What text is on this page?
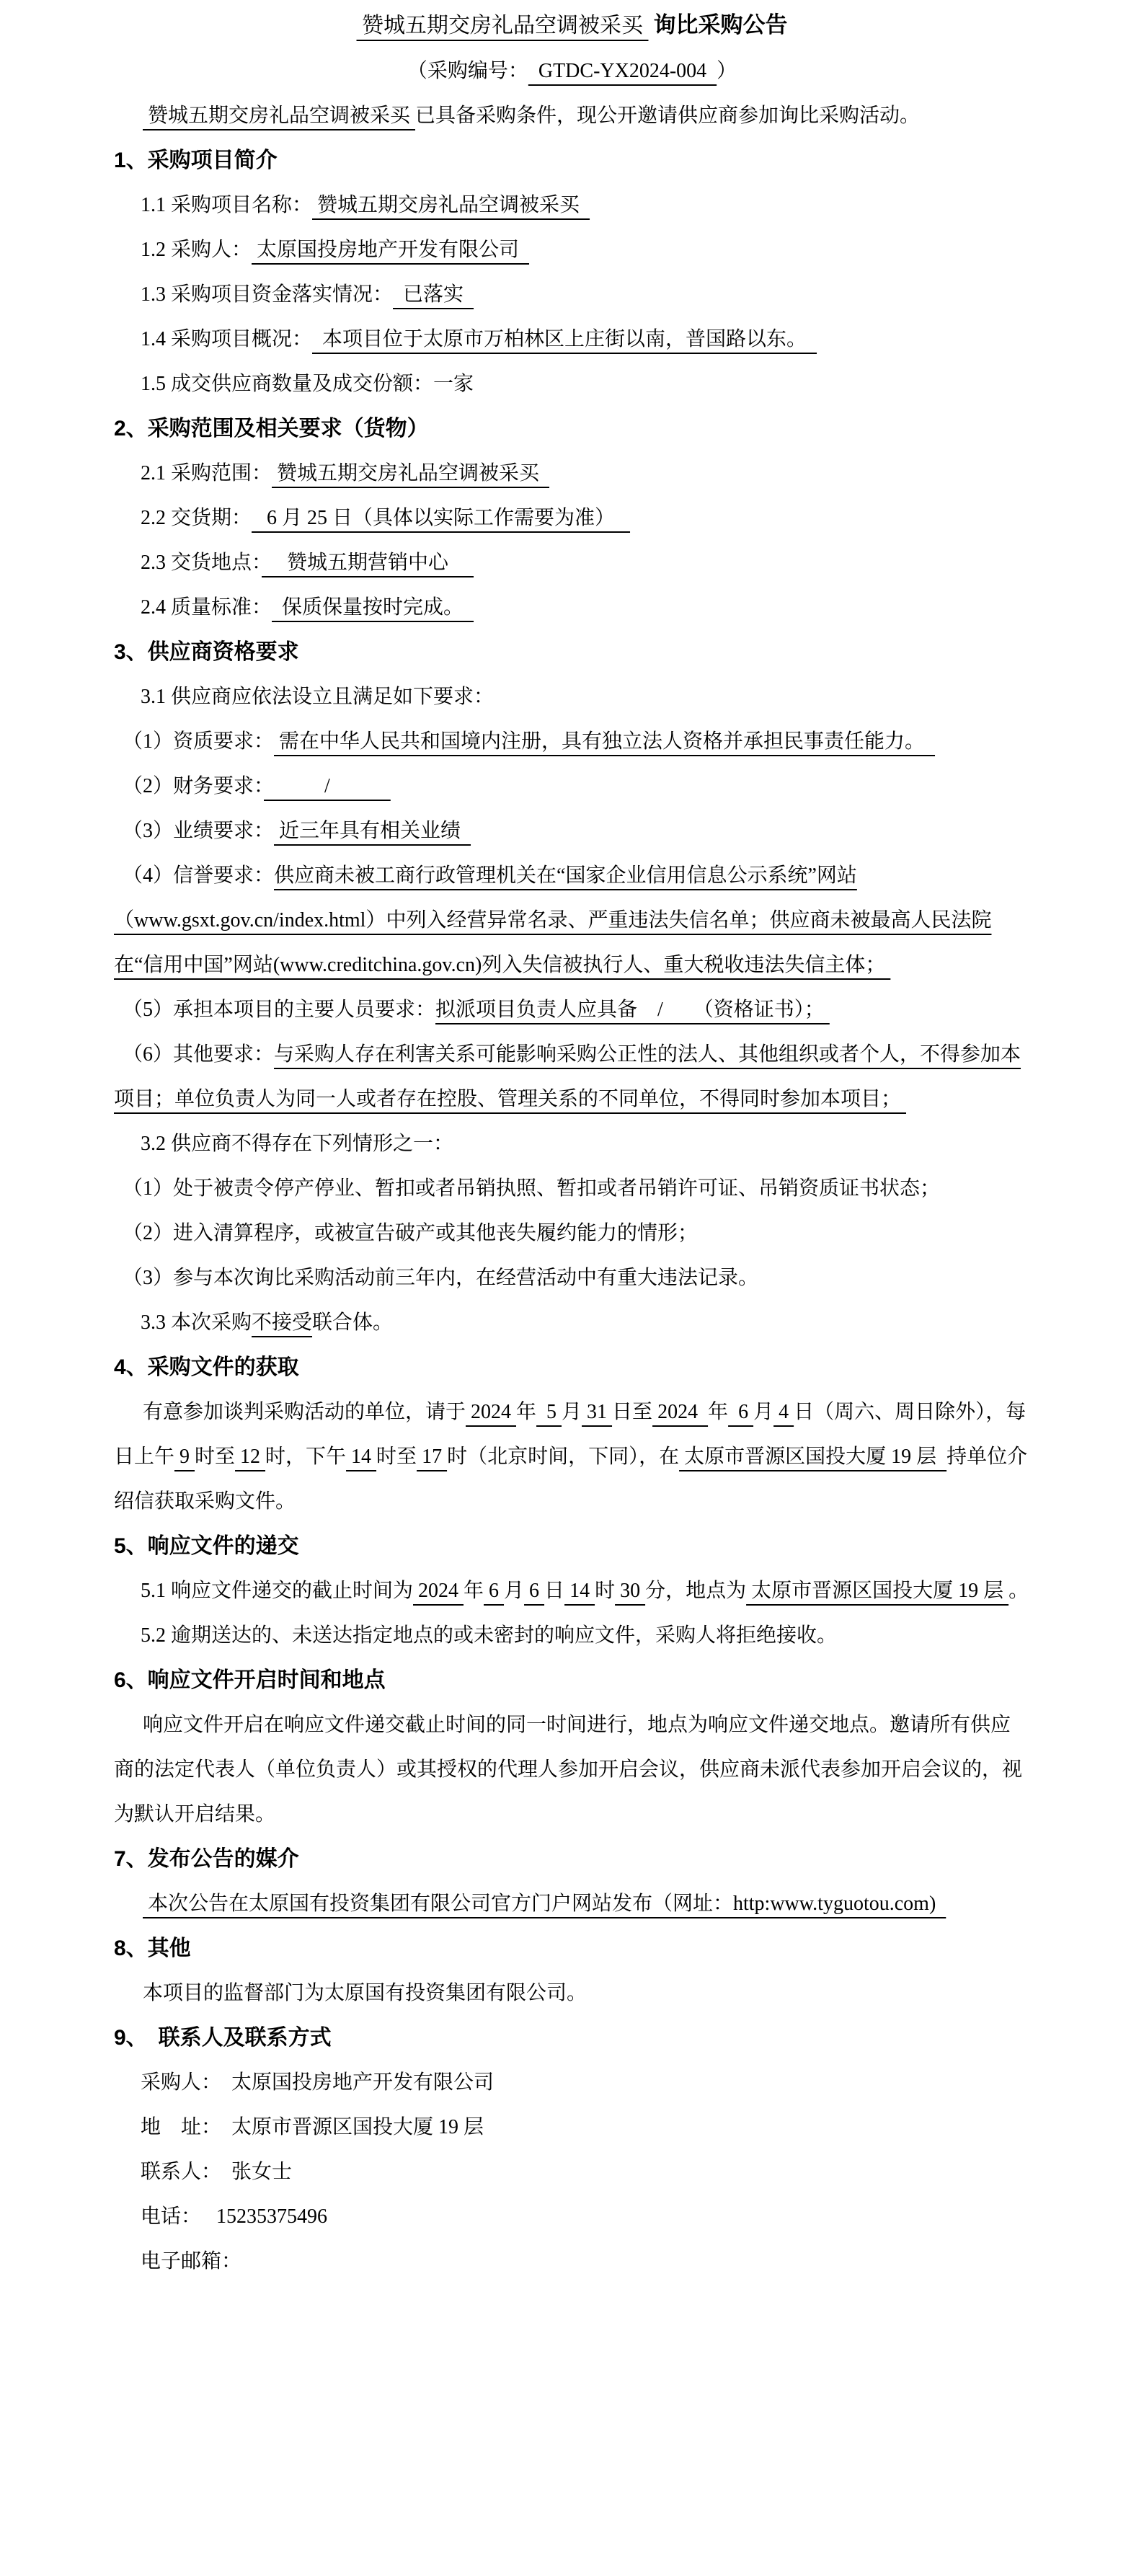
赞城五期交房礼品空调被采买  询比采购公告
（采购编号：  GTDC-YX2024-004  ）

赞城五期交房礼品空调被采买 已具备采购条件，现公开邀请供应商参加询比采购活动。

1、采购项目简介

1.1 采购项目名称： 赞城五期交房礼品空调被采买

1.2 采购人： 太原国投房地产开发有限公司

1.3 采购项目资金落实情况：  已落实

1.4 采购项目概况：  本项目位于太原市万柏林区上庄街以南，普国路以东。

1.5 成交供应商数量及成交份额：一家

2、采购范围及相关要求（货物）

2.1 采购范围： 赞城五期交房礼品空调被采买

2.2 交货期：   6 月 25 日（具体以实际工作需要为准）

2.3 交货地点：　 赞城五期营销中心 　

2.4 质量标准：  保质保量按时完成。　

3、供应商资格要求

3.1 供应商应依法设立且满足如下要求：

（1）资质要求： 需在中华人民共和国境内注册，具有独立法人资格并承担民事责任能力。

（2）财务要求：　　　/　　　

（3）业绩要求： 近三年具有相关业绩

（4）信誉要求：供应商未被工商行政管理机关在“国家企业信用信息公示系统”网站（www.gsxt.gov.cn/index.html）中列入经营异常名录、严重违法失信名单；供应商未被最高人民法院在“信用中国”网站(www.creditchina.gov.cn)列入失信被执行人、重大税收违法失信主体；

（5）承担本项目的主要人员要求：拟派项目负责人应具备　/　　（资格证书）；

（6）其他要求：与采购人存在利害关系可能影响采购公正性的法人、其他组织或者个人，不得参加本项目；单位负责人为同一人或者存在控股、管理关系的不同单位，不得同时参加本项目；

3.2 供应商不得存在下列情形之一：

（1）处于被责令停产停业、暂扣或者吊销执照、暂扣或者吊销许可证、吊销资质证书状态；

（2）进入清算程序，或被宣告破产或其他丧失履约能力的情形；

（3）参与本次询比采购活动前三年内，在经营活动中有重大违法记录。

3.3 本次采购不接受联合体。

4、采购文件的获取

有意参加谈判采购活动的单位，请于 2024 年  5 月 31 日至 2024  年  6 月 4 日（周六、周日除外），每日上午 9 时至 12 时，下午 14 时至 17 时（北京时间，下同），在 太原市晋源区国投大厦 19 层  持单位介绍信获取采购文件。

5、响应文件的递交

5.1 响应文件递交的截止时间为 2024 年 6 月 6 日 14 时 30 分，地点为 太原市晋源区国投大厦 19 层 。

5.2 逾期送达的、未送达指定地点的或未密封的响应文件，采购人将拒绝接收。

6、响应文件开启时间和地点

响应文件开启在响应文件递交截止时间的同一时间进行，地点为响应文件递交地点。邀请所有供应商的法定代表人（单位负责人）或其授权的代理人参加开启会议，供应商未派代表参加开启会议的，视为默认开启结果。

7、发布公告的媒介

本次公告在太原国有投资集团有限公司官方门户网站发布（网址：http:www.tyguotou.com)

8、其他

本项目的监督部门为太原国有投资集团有限公司。

9、　联系人及联系方式

采购人：　太原国投房地产开发有限公司

地　址：　太原市晋源区国投大厦 19 层

联系人：　张女士

电话：　 15235375496

电子邮箱：
